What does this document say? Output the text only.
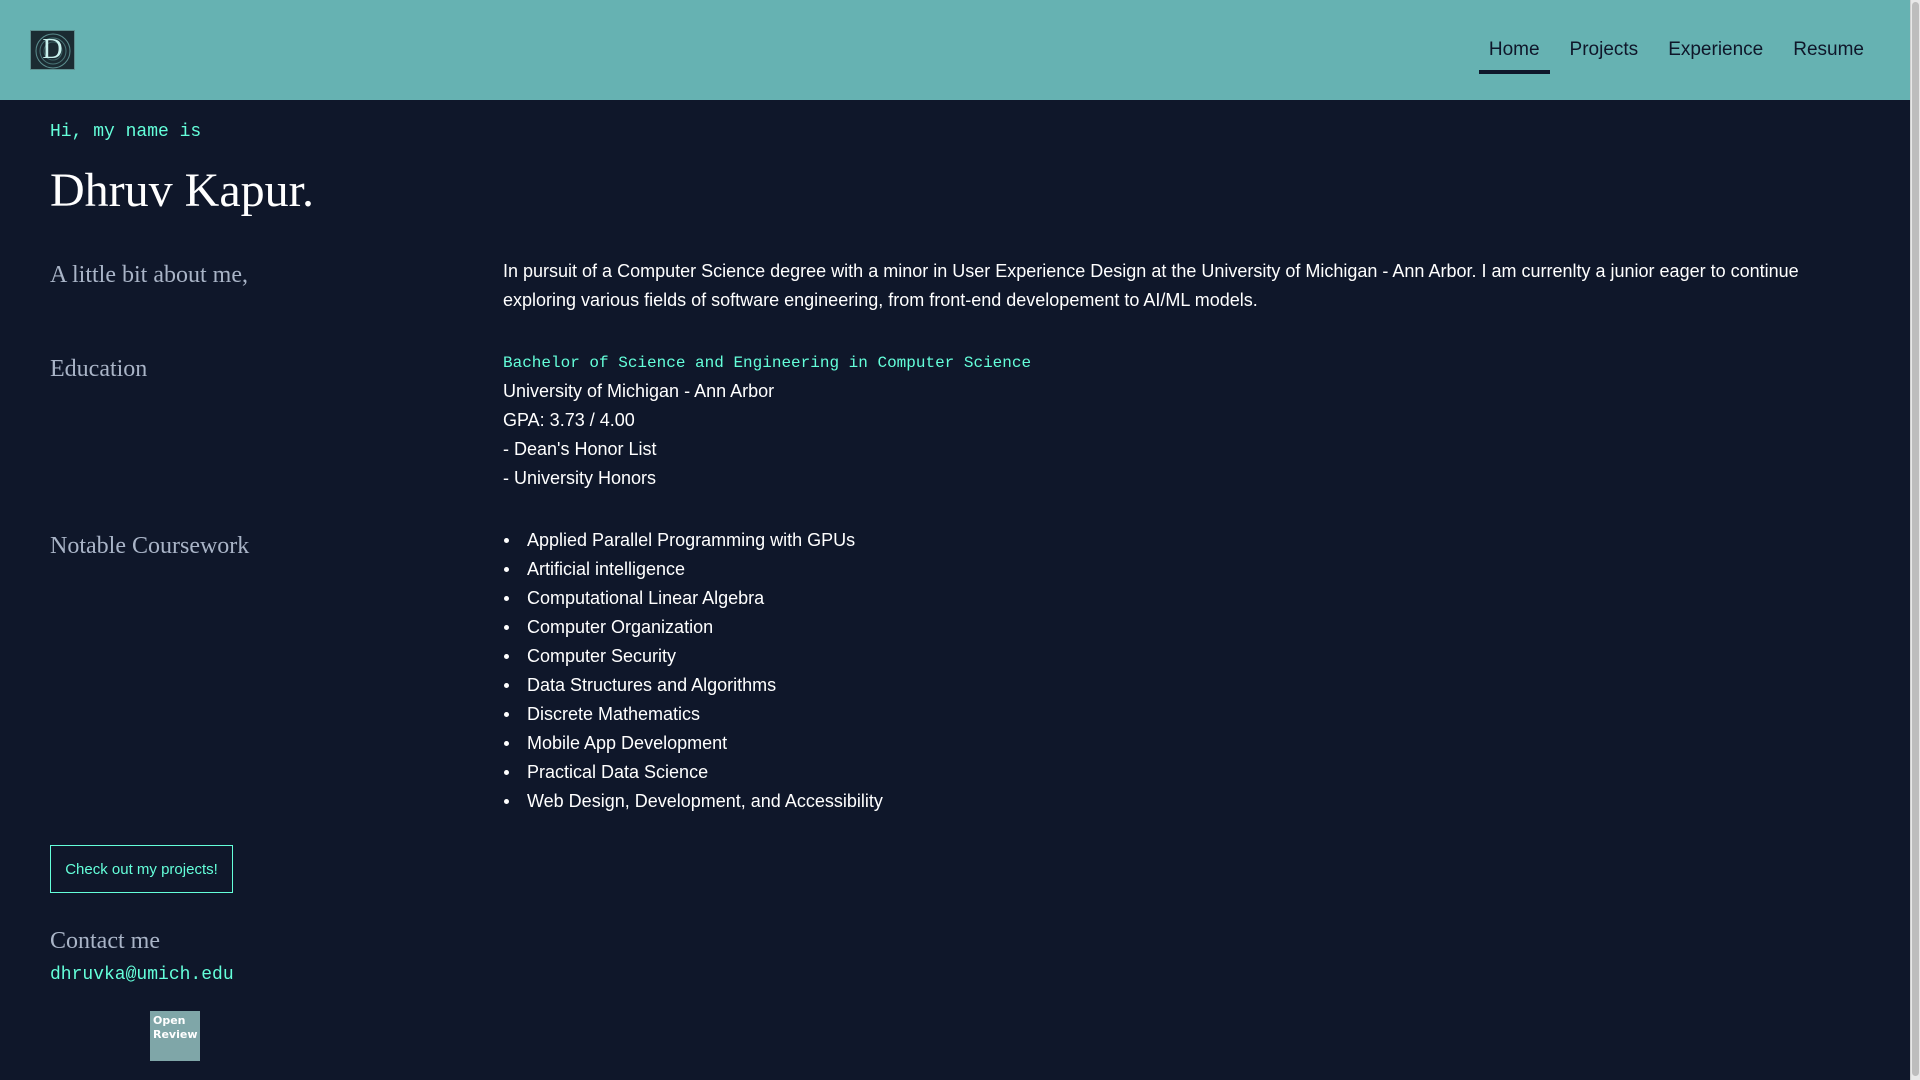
D	Home	Projects	Experience	Resume
Hi, my name is
Dhruv Kapur.
A little bit about me,	In pursuit of a Computer Science degree with a minor in User Experience Design at the University of Michigan - Ann Arbor. I am currenlty a junior eager to continue exploring various fields of software engineering, from front-end developement to AI/ML models.

Education	Bachelor of Science and Engineering in Computer Science
University of Michigan - Ann Arbor
GPA: 3.73 / 4.00
- Dean's Honor List
- University Honors
Notable Coursework	Applied Parallel Programming with GPUs
Artificial intelligence
Computational Linear Algebra
Computer Organization
Computer Security
Data Structures and Algorithms
Discrete Mathematics
Mobile App Development
Practical Data Science
Web Design, Development, and Accessibility
Check out my projects!
Contact me
dhruvka@umich.edu
Open
Review
